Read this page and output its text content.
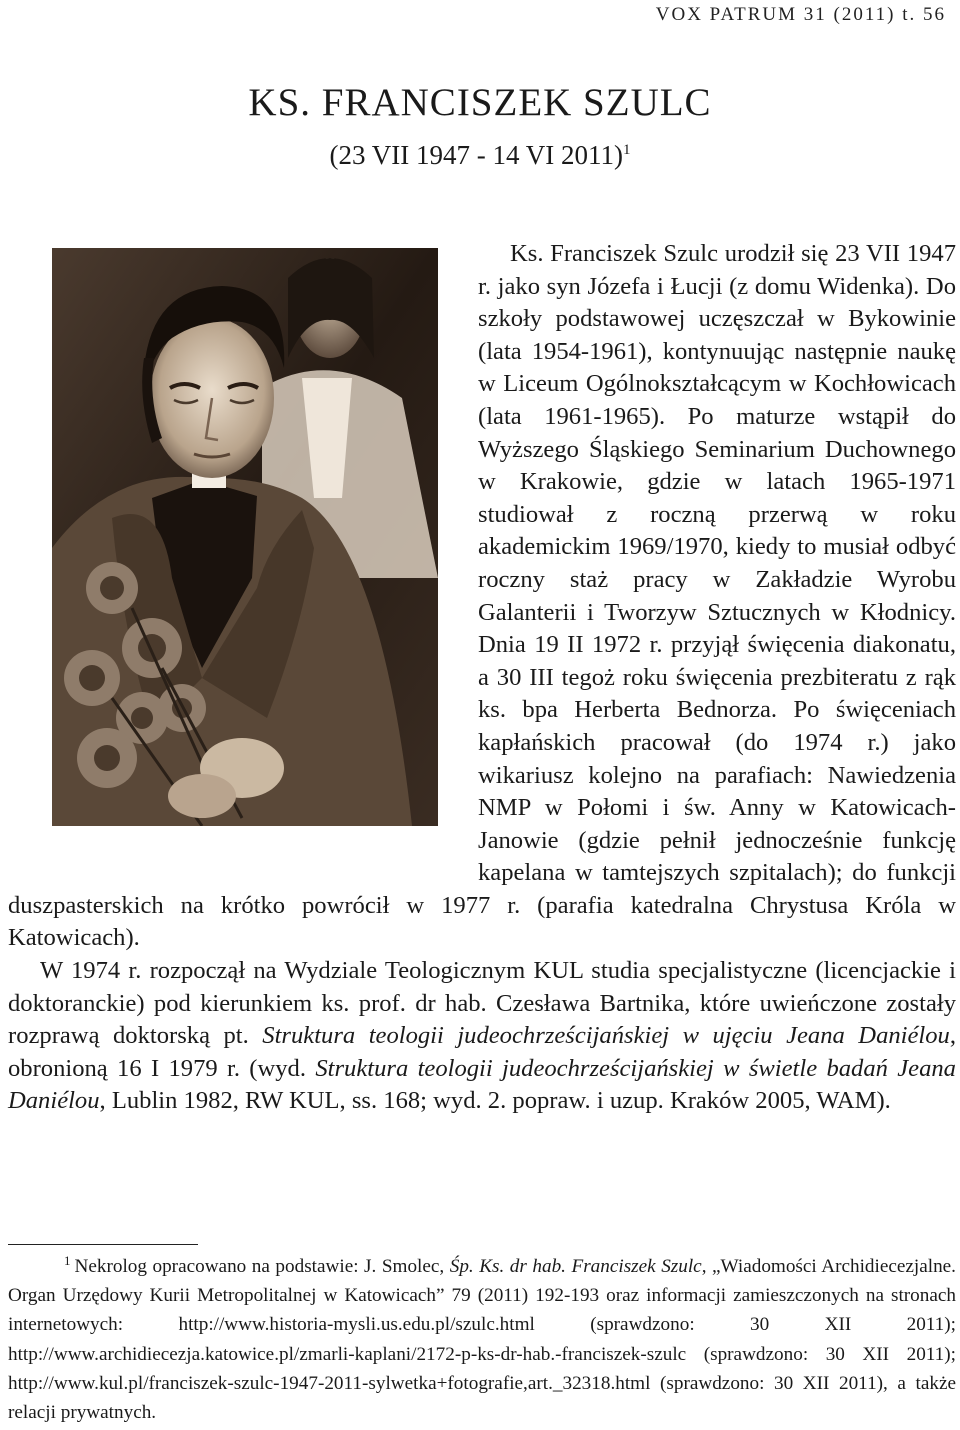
VOX PATRUM 31 (2011) t. 56
KS. FRANCISZEK SZULC
(23 VII 1947 - 14 VI 2011)$^1$

Ks. Franciszek Szulc urodził się 23 VII 1947 r. jako syn Józefa i Łucji (z domu Widenka). Do szkoły podstawowej uczęszczał w Bykowinie (lata 1954-1961), kontynuując następnie naukę w Liceum Ogólnokształcącym w Kochłowicach (lata 1961-1965). Po maturze wstąpił do Wyższego Śląskiego Seminarium Duchownego w Krakowie, gdzie w latach 1965-1971 studiował z roczną przerwą w roku akademickim 1969/1970, kiedy to musiał odbyć roczny staż pracy w Zakładzie Wyrobu Galanterii i Tworzyw Sztucznych w Kłodnicy. Dnia 19 II 1972 r. przyjął święcenia diakonatu, a 30 III tegoż roku święcenia prezbiteratu z rąk ks. bpa Herberta Bednorza. Po święceniach kapłańskich pracował (do 1974 r.) jako wikariusz kolejno na parafiach: Nawiedzenia NMP w Połomi i św. Anny w Katowicach-Janowie (gdzie pełnił jednocześnie funkcję kapelana w tamtejszych szpitalach); do funkcji duszpasterskich na krótko powrócił w 1977 r. (parafia katedralna Chrystusa Króla w Katowicach).

W 1974 r. rozpoczął na Wydziale Teologicznym KUL studia specjalistyczne (licencjackie i doktoranckie) pod kierunkiem ks. prof. dr hab. Czesława Bartnika, które uwieńczone zostały rozprawą doktorską pt. Struktura teologii judeochrześcijańskiej w ujęciu Jeana Daniélou, obronioną 16 I 1979 r. (wyd. Struktura teologii judeochrześcijańskiej w świetle badań Jeana Daniélou, Lublin 1982, RW KUL, ss. 168; wyd. 2. popraw. i uzup. Kraków 2005, WAM).

$^1$ Nekrolog opracowano na podstawie: J. Smolec, Śp. Ks. dr hab. Franciszek Szulc, „Wiadomości Archidiecezjalne. Organ Urzędowy Kurii Metropolitalnej w Katowicach” 79 (2011) 192-193 oraz informacji zamieszczonych na stronach internetowych: http://www.historia-mysli.us.edu.pl/szulc.html (sprawdzono: 30 XII 2011); http://www.archidiecezja.katowice.pl/zmarli-kaplani/2172-p-ks-dr-hab.-franciszek-szulc (sprawdzono: 30 XII 2011); http://www.kul.pl/franciszek-szulc-1947-2011-sylwetka+fotografie,art._32318.html (sprawdzono: 30 XII 2011), a także relacji prywatnych.
